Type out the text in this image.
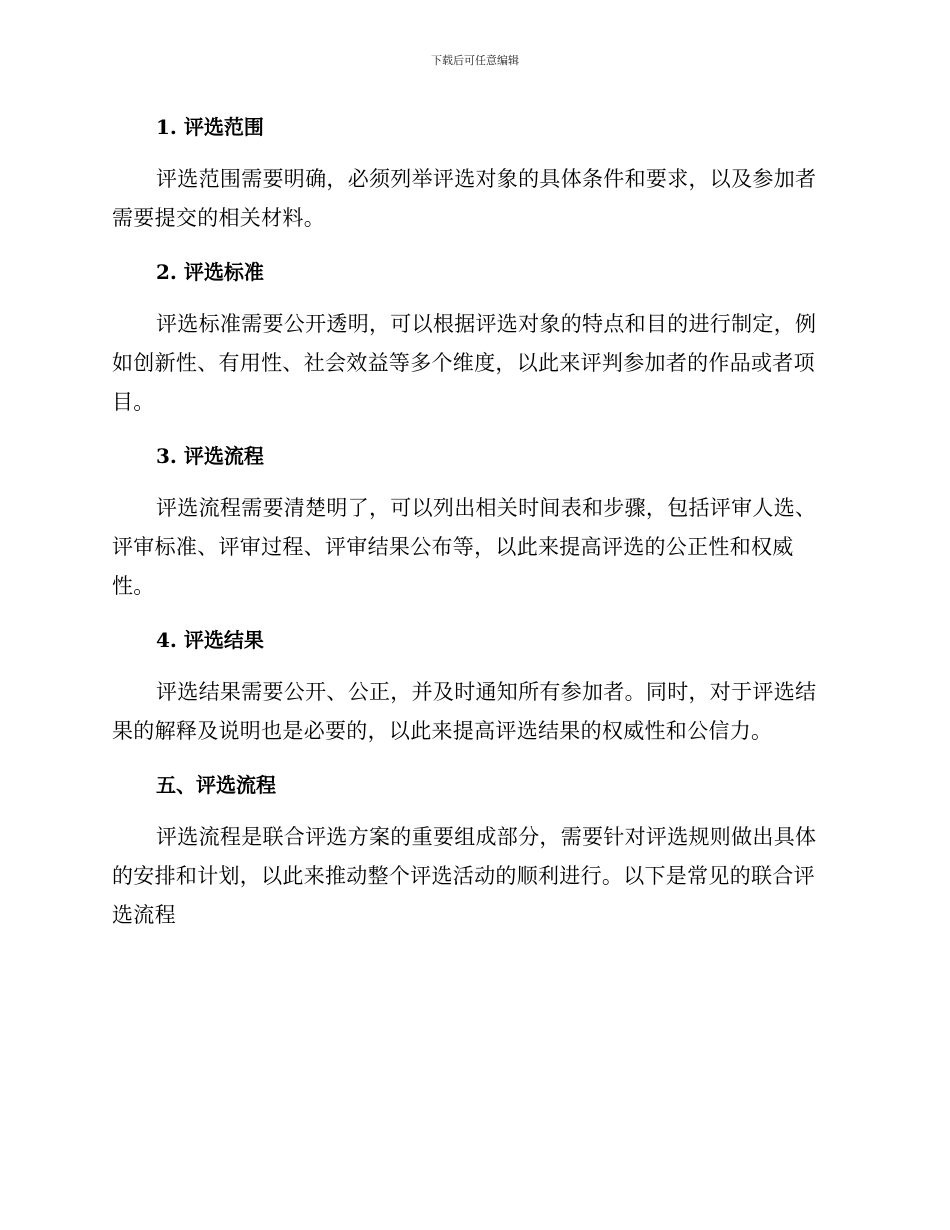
下载后可任意编辑
1. 评选范围

评选范围需要明确，必须列举评选对象的具体条件和要求，以及参加者需要提交的相关材料。

2. 评选标准

评选标准需要公开透明，可以根据评选对象的特点和目的进行制定，例如创新性、有用性、社会效益等多个维度，以此来评判参加者的作品或者项目。

3. 评选流程

评选流程需要清楚明了，可以列出相关时间表和步骤，包括评审人选、评审标准、评审过程、评审结果公布等，以此来提高评选的公正性和权威性。

4. 评选结果

评选结果需要公开、公正，并及时通知所有参加者。同时，对于评选结果的解释及说明也是必要的，以此来提高评选结果的权威性和公信力。

五、评选流程

评选流程是联合评选方案的重要组成部分，需要针对评选规则做出具体的安排和计划，以此来推动整个评选活动的顺利进行。以下是常见的联合评选流程
